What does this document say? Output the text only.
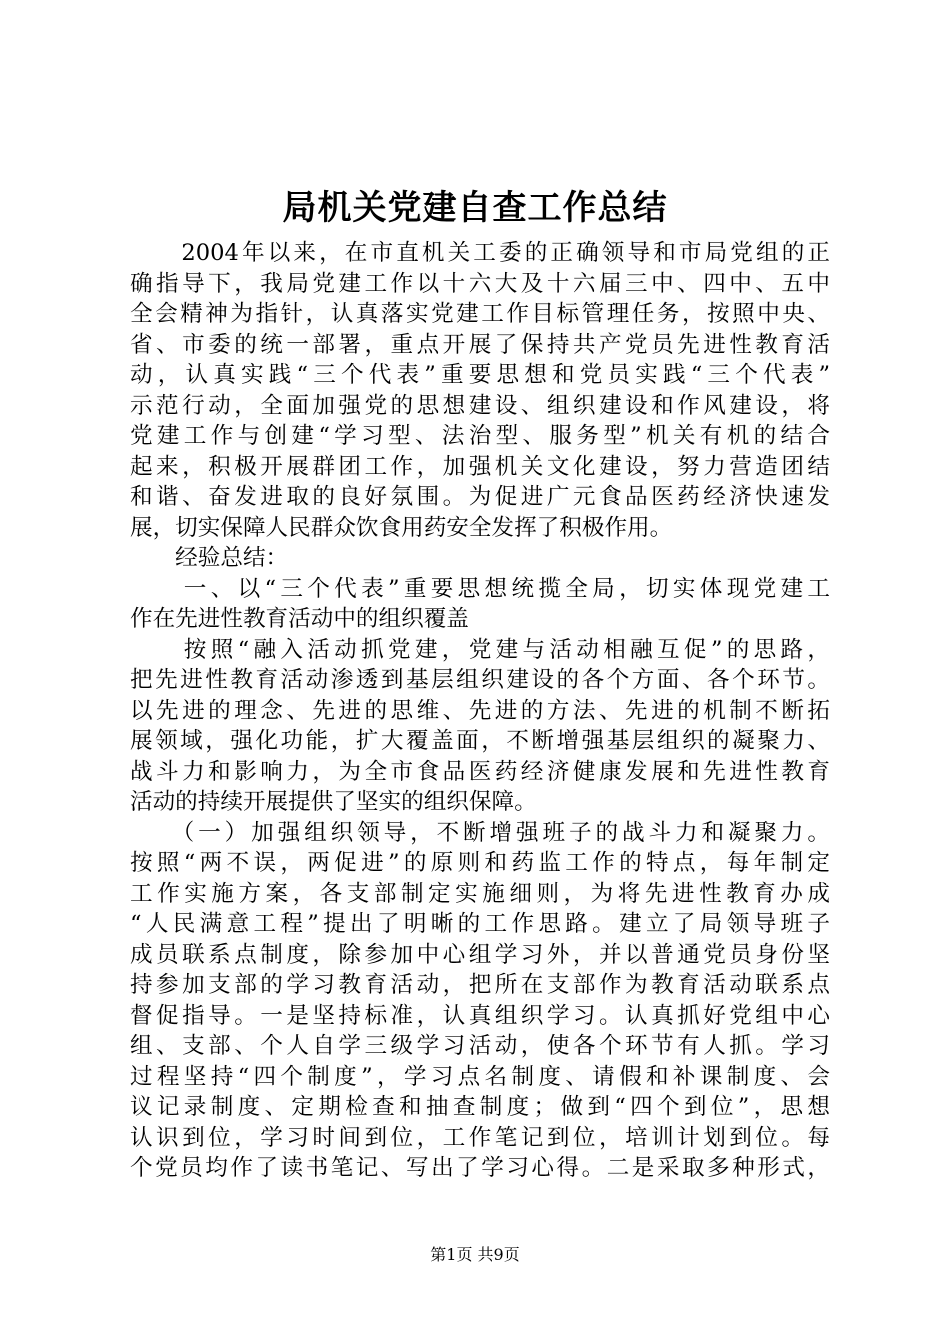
局机关党建自查工作总结
　　2004年以来，在市直机关工委的正确领导和市局党组的正
确指导下，我局党建工作以十六大及十六届三中、四中、五中
全会精神为指针，认真落实党建工作目标管理任务，按照中央、
省、市委的统一部署，重点开展了保持共产党员先进性教育活
动，认真实践“三个代表”重要思想和党员实践“三个代表”
示范行动，全面加强党的思想建设、组织建设和作风建设，将
党建工作与创建“学习型、法治型、服务型”机关有机的结合
起来，积极开展群团工作，加强机关文化建设，努力营造团结
和谐、奋发进取的良好氛围。为促进广元食品医药经济快速发
展，切实保障人民群众饮食用药安全发挥了积极作用。
　　经验总结：
　　一、以“三个代表”重要思想统揽全局，切实体现党建工
作在先进性教育活动中的组织覆盖
　　按照“融入活动抓党建，党建与活动相融互促”的思路，
把先进性教育活动渗透到基层组织建设的各个方面、各个环节。
以先进的理念、先进的思维、先进的方法、先进的机制不断拓
展领域，强化功能，扩大覆盖面，不断增强基层组织的凝聚力、
战斗力和影响力，为全市食品医药经济健康发展和先进性教育
活动的持续开展提供了坚实的组织保障。
　　（一）加强组织领导，不断增强班子的战斗力和凝聚力。
按照“两不误，两促进”的原则和药监工作的特点，每年制定
工作实施方案，各支部制定实施细则，为将先进性教育办成
“人民满意工程”提出了明晰的工作思路。建立了局领导班子
成员联系点制度，除参加中心组学习外，并以普通党员身份坚
持参加支部的学习教育活动，把所在支部作为教育活动联系点
督促指导。一是坚持标准，认真组织学习。认真抓好党组中心
组、支部、个人自学三级学习活动，使各个环节有人抓。学习
过程坚持“四个制度”，学习点名制度、请假和补课制度、会
议记录制度、定期检查和抽查制度；做到“四个到位”，思想
认识到位，学习时间到位，工作笔记到位，培训计划到位。每
个党员均作了读书笔记、写出了学习心得。二是采取多种形式，
第1页 共9页
